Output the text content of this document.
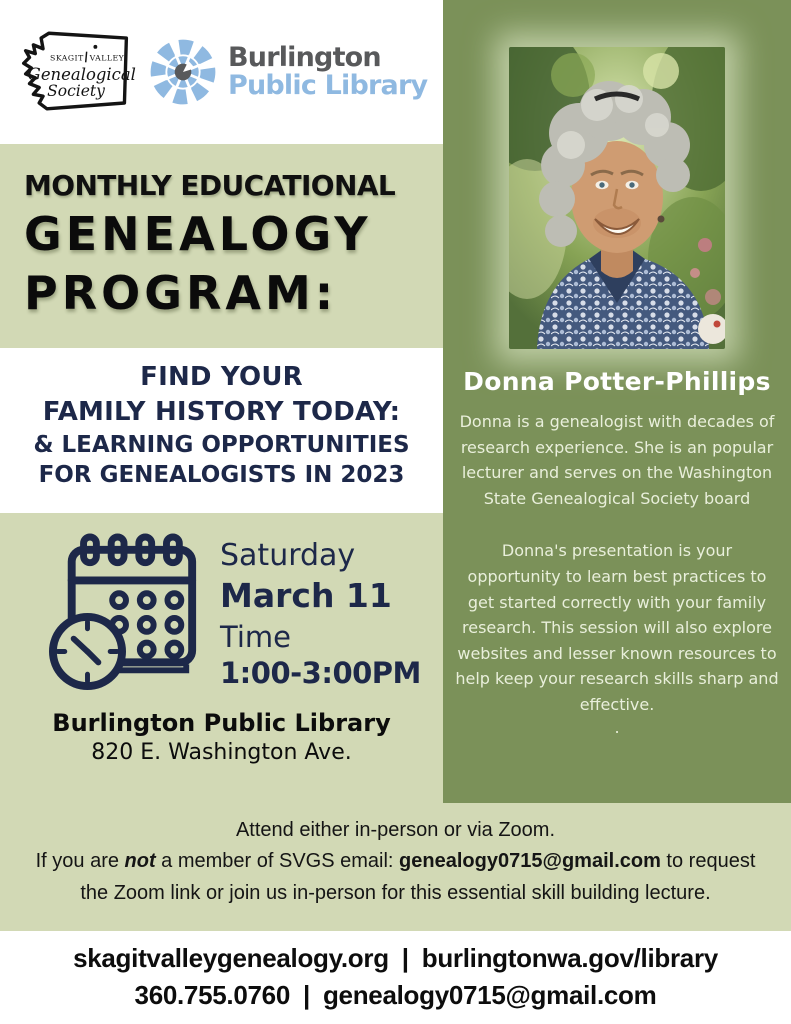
SKAGIT VALLEY
Genealogical
Society
Burlington
Public Library
MONTHLY EDUCATIONAL
GENEALOGY
PROGRAM:
FIND YOUR
FAMILY HISTORY TODAY:
& LEARNING OPPORTUNITIES
FOR GENEALOGISTS IN 2023
Saturday
March 11
Time
1:00-3:00PM
Burlington Public Library
820 E. Washington Ave.
Donna Potter-Phillips

Donna is a genealogist with decades of research experience. She is an popular lecturer and serves on the Washington State Genealogical Society board

Donna's presentation is your opportunity to learn best practices to get started correctly with your family research. This session will also explore websites and lesser known resources to help keep your research skills sharp and effective.

.
Attend either in-person or via Zoom.
If you are not a member of SVGS email: genealogy0715@gmail.com to request
the Zoom link or join us in-person for this essential skill building lecture.
skagitvalleygenealogy.org | burlingtonwa.gov/library
360.755.0760 | genealogy0715@gmail.com
